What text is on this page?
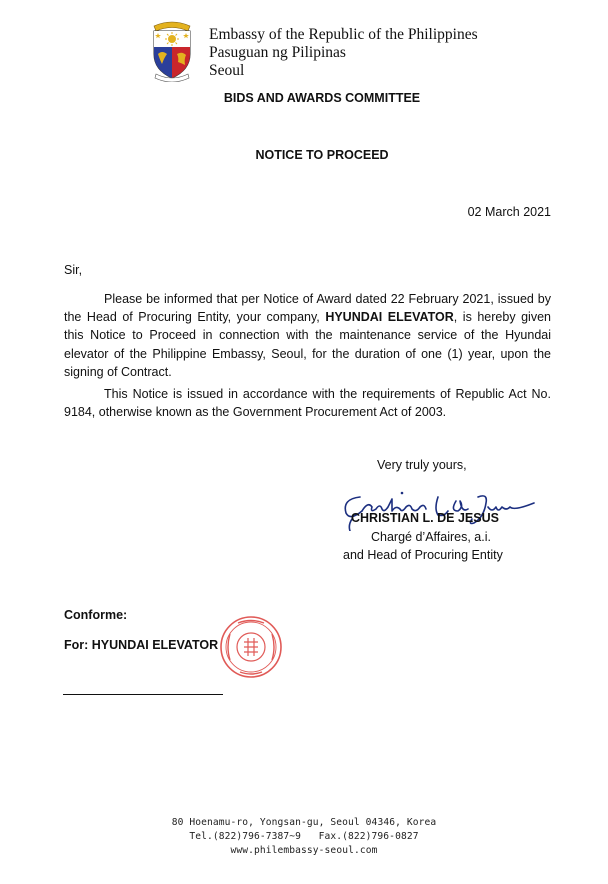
Embassy of the Republic of the Philippines
Pasuguan ng Pilipinas
Seoul
BIDS AND AWARDS COMMITTEE
NOTICE TO PROCEED
02 March 2021
Sir,
Please be informed that per Notice of Award dated 22 February 2021, issued by the Head of Procuring Entity, your company, HYUNDAI ELEVATOR, is hereby given this Notice to Proceed in connection with the maintenance service of the Hyundai elevator of the Philippine Embassy, Seoul, for the duration of one (1) year, upon the signing of Contract.
This Notice is issued in accordance with the requirements of Republic Act No. 9184, otherwise known as the Government Procurement Act of 2003.
Very truly yours,
CHRISTIAN L. DE JESUS
Chargé d’Affaires, a.i.
and Head of Procuring Entity
Conforme:
For: HYUNDAI ELEVATOR
80 Hoenamu-ro, Yongsan-gu, Seoul 04346, Korea
Tel.(822)796-7387~9   Fax.(822)796-0827
www.philembassy-seoul.com
